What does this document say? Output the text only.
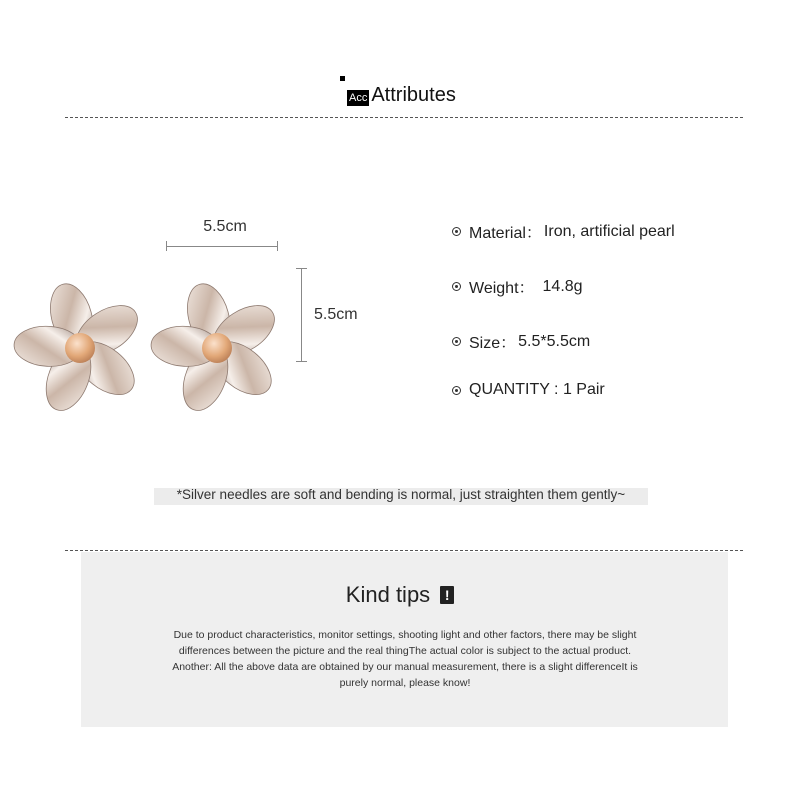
Acc Attributes
5.5cm
5.5cm
Material： Iron, artificial pearl
Weight： 14.8g
Size： 5.5*5.5cm
QUANTITY : 1 Pair
*Silver needles are soft and bending is normal, just straighten them gently~
Kind tips	!

Due to product characteristics, monitor settings, shooting light and other factors, there may be slight

differences between the picture and the real thingThe actual color is subject to the actual product.

Another: All the above data are obtained by our manual measurement, there is a slight differenceIt is

purely normal, please know!
